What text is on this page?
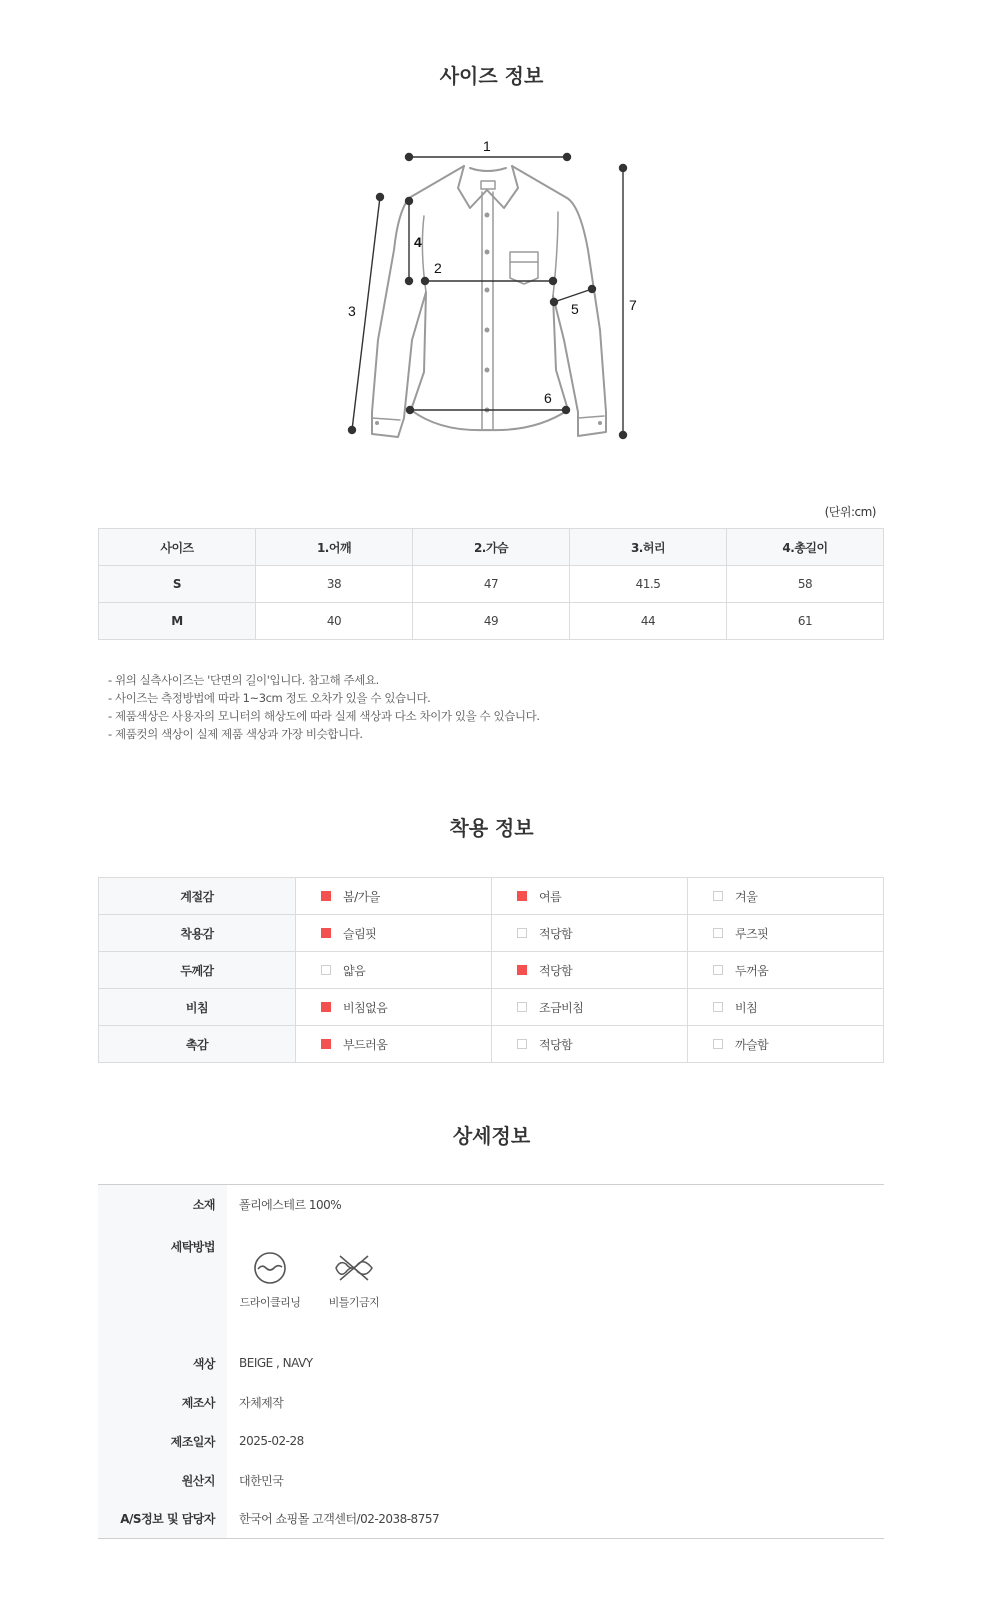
사이즈 정보
1
2
3
4
5
6
7
(단위:cm)
사이즈	1.어깨	2.가슴	3.허리	4.총길이
S	38	47	41.5	58
M	40	49	44	61
- 위의 실측사이즈는 '단면의 길이'입니다. 참고해 주세요.
- 사이즈는 측정방법에 따라 1~3cm 정도 오차가 있을 수 있습니다.
- 제품색상은 사용자의 모니터의 해상도에 따라 실제 색상과 다소 차이가 있을 수 있습니다.
- 제품컷의 색상이 실제 제품 색상과 가장 비슷합니다.
착용 정보
계절감	봄/가을	여름	겨울
착용감	슬림핏	적당함	루즈핏
두께감	얇음	적당함	두꺼움
비침	비침없음	조금비침	비침
촉감	부드러움	적당함	까슬함
상세정보
소재	폴리에스테르 100%
세탁방법	드라이클리닝 비틀기금지

색상	BEIGE , NAVY
제조사	자체제작
제조일자	2025-02-28
원산지	대한민국
A/S정보 및 담당자	한국어 쇼핑몰 고객센터/02-2038-8757
